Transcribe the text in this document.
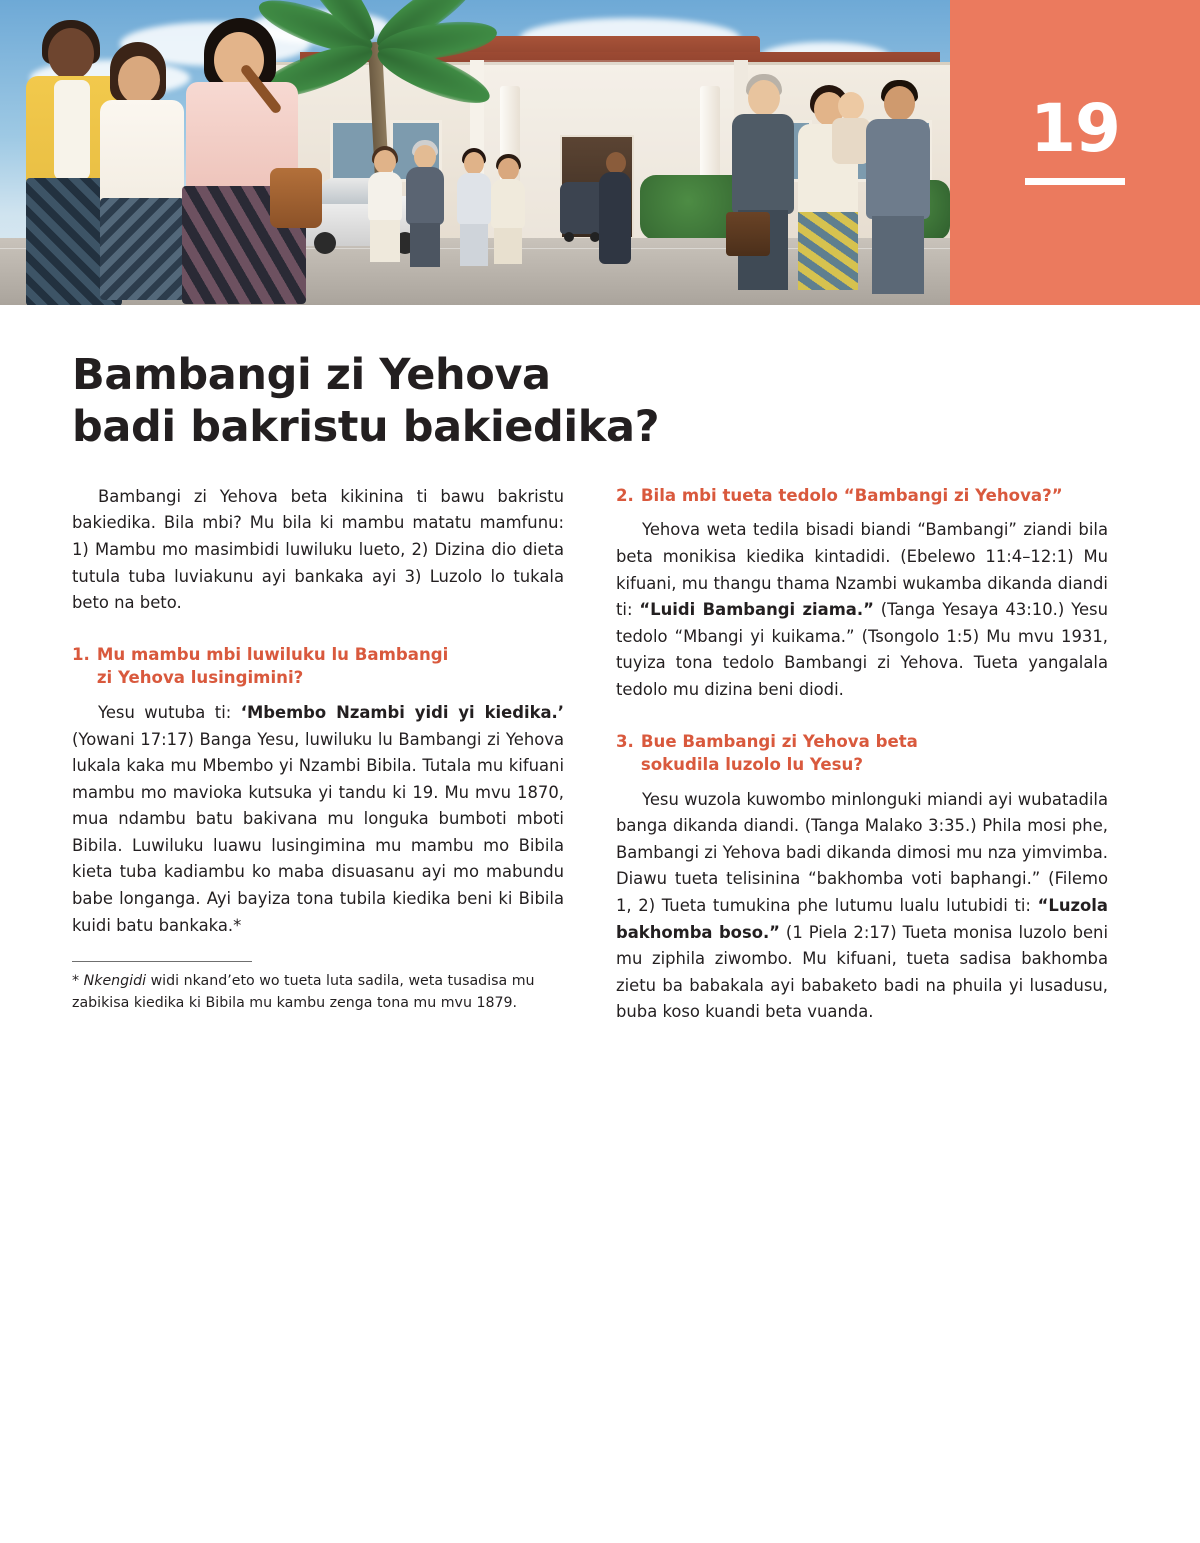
19
Bambangi zi Yehova
badi bakristu bakiedika?

Bambangi zi Yehova beta kikinina ti bawu bakristu bakiedika. Bila mbi? Mu bila ki mambu matatu mamfunu: 1) Mambu mo masimbidi luwiluku lueto, 2) Dizina dio dieta tutula tuba luviakunu ayi bankaka ayi 3) Luzolo lo tukala beto na beto.

1. Mu mambu mbi luwiluku lu Bambangi
zi Yehova lusingimini?

Yesu wutuba ti: ‘Mbembo Nzambi yidi yi kiedika.’ (Yowani 17:17) Banga Yesu, luwiluku lu Bambangi zi Yehova lukala kaka mu Mbembo yi Nzambi Bibila. Tutala mu kifuani mambu mo mavioka kutsuka yi tandu ki 19. Mu mvu 1870, mua ndambu batu bakivana mu longuka bumboti mboti Bibila. Luwiluku luawu lusingimina mu mambu mo Bibila kieta tuba kadiambu ko maba disuasanu ayi mo mabundu babe longanga. Ayi bayiza tona tubila kiedika beni ki Bibila kuidi batu bankaka.*

* Nkengidi widi nkand’eto wo tueta luta sadila, weta tusadisa mu zabikisa kiedika ki Bibila mu kambu zenga tona mu mvu 1879.
2. Bila mbi tueta tedolo “Bambangi zi Yehova?”

Yehova weta tedila bisadi biandi “Bambangi” ziandi bila beta monikisa kiedika kintadidi. (Ebelewo 11:4–12:1) Mu kifuani, mu thangu thama Nzambi wukamba dikanda diandi ti: “Luidi Bambangi ziama.” (Tanga Yesaya 43:10.) Yesu tedolo “Mbangi yi kuikama.” (Tsongolo 1:5) Mu mvu 1931, tuyiza tona tedolo Bambangi zi Yehova. Tueta yangalala tedolo mu dizina beni diodi.

3. Bue Bambangi zi Yehova beta
sokudila luzolo lu Yesu?

Yesu wuzola kuwombo minlonguki miandi ayi wubatadila banga dikanda diandi. (Tanga Malako 3:35.) Phila mosi phe, Bambangi zi Yehova badi dikanda dimosi mu nza yimvimba. Diawu tueta telisinina “bakhomba voti baphangi.” (Filemo 1, 2) Tueta tumukina phe lutumu lualu lutubidi ti: “Luzola bakhomba boso.” (1 Piela 2:17) Tueta monisa luzolo beni mu ziphila ziwombo. Mu kifuani, tueta sadisa bakhomba zietu ba babakala ayi babaketo badi na phuila yi lusadusu, buba koso kuandi beta vuanda.
